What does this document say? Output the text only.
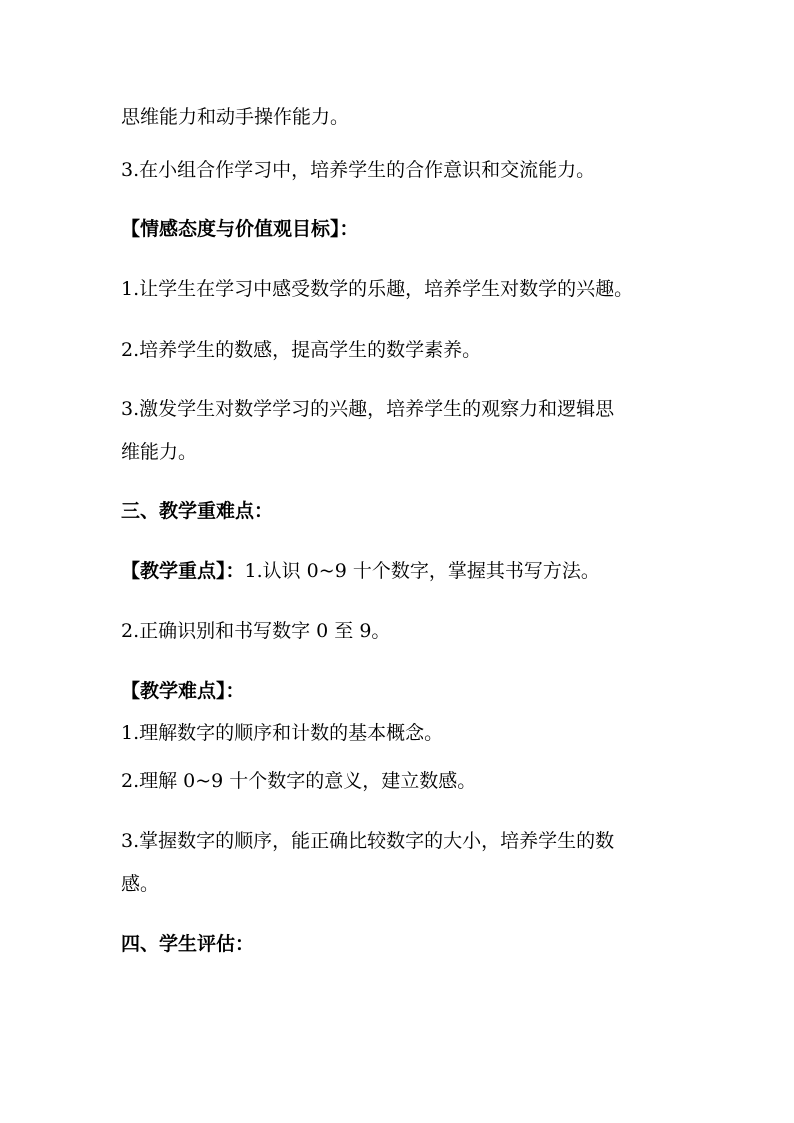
思维能力和动手操作能力。

3.在小组合作学习中，培养学生的合作意识和交流能力。

【情感态度与价值观目标】：

1.让学生在学习中感受数学的乐趣，培养学生对数学的兴趣。

2.培养学生的数感，提高学生的数学素养。

3.激发学生对数学学习的兴趣，培养学生的观察力和逻辑思

维能力。

三、教学重难点：

【教学重点】：1.认识 0~9 十个数字，掌握其书写方法。

2.正确识别和书写数字 0 至 9。

【教学难点】：

1.理解数字的顺序和计数的基本概念。

2.理解 0~9 十个数字的意义，建立数感。

3.掌握数字的顺序，能正确比较数字的大小，培养学生的数

感。

四、学生评估：
